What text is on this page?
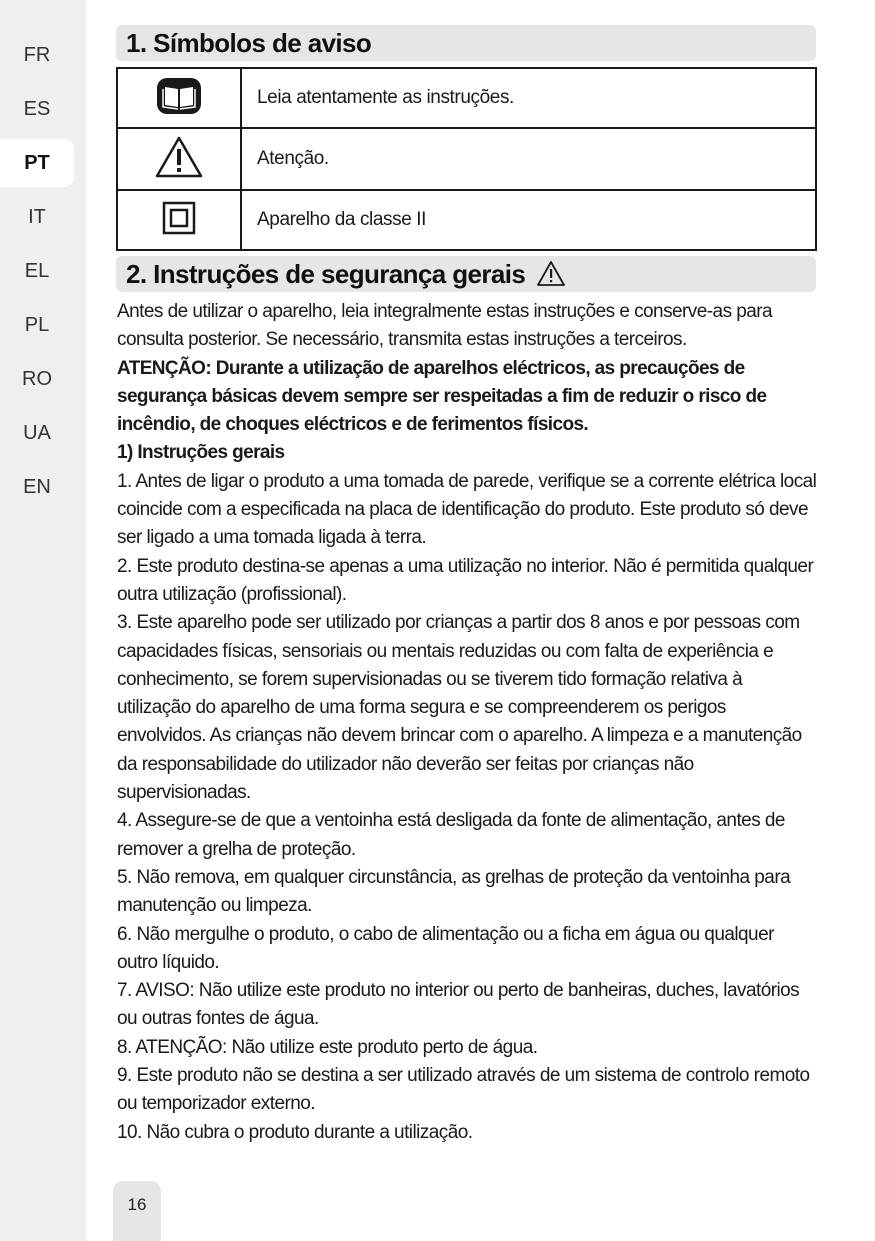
FR
ES
PT
IT
EL
PL
RO
UA
EN
1. Símbolos de aviso
	Leia atentamente as instruções.
	Atenção.
	Aparelho da classe II
2. Instruções de segurança gerais

Antes de utilizar o aparelho, leia integralmente estas instruções e conserve-as para consulta posterior. Se necessário, transmita estas instruções a terceiros.

ATENÇÃO: Durante a utilização de aparelhos eléctricos, as precauções de segurança básicas devem sempre ser respeitadas a fim de reduzir o risco de incêndio, de choques eléctricos e de ferimentos físicos.

1) Instruções gerais

1. Antes de ligar o produto a uma tomada de parede, verifique se a corrente elétrica local coincide com a especificada na placa de identificação do produto. Este produto só deve ser ligado a uma tomada ligada à terra.

2. Este produto destina-se apenas a uma utilização no interior. Não é permitida qualquer outra utilização (profissional).

3. Este aparelho pode ser utilizado por crianças a partir dos 8 anos e por pessoas com capacidades físicas, sensoriais ou mentais reduzidas ou com falta de experiência e conhecimento, se forem supervisionadas ou se tiverem tido formação relativa à utilização do aparelho de uma forma segura e se compreenderem os perigos envolvidos. As crianças não devem brincar com o aparelho. A limpeza e a manutenção da responsabilidade do utilizador não deverão ser feitas por crianças não supervisionadas.

4. Assegure-se de que a ventoinha está desligada da fonte de alimentação, antes de remover a grelha de proteção.

5. Não remova, em qualquer circunstância, as grelhas de proteção da ventoinha para manutenção ou limpeza.

6. Não mergulhe o produto, o cabo de alimentação ou a ficha em água ou qualquer outro líquido.

7. AVISO: Não utilize este produto no interior ou perto de banheiras, duches, lavatórios ou outras fontes de água.

8. ATENÇÃO: Não utilize este produto perto de água.

9. Este produto não se destina a ser utilizado através de um sistema de controlo remoto ou temporizador externo.

10. Não cubra o produto durante a utilização.

16
